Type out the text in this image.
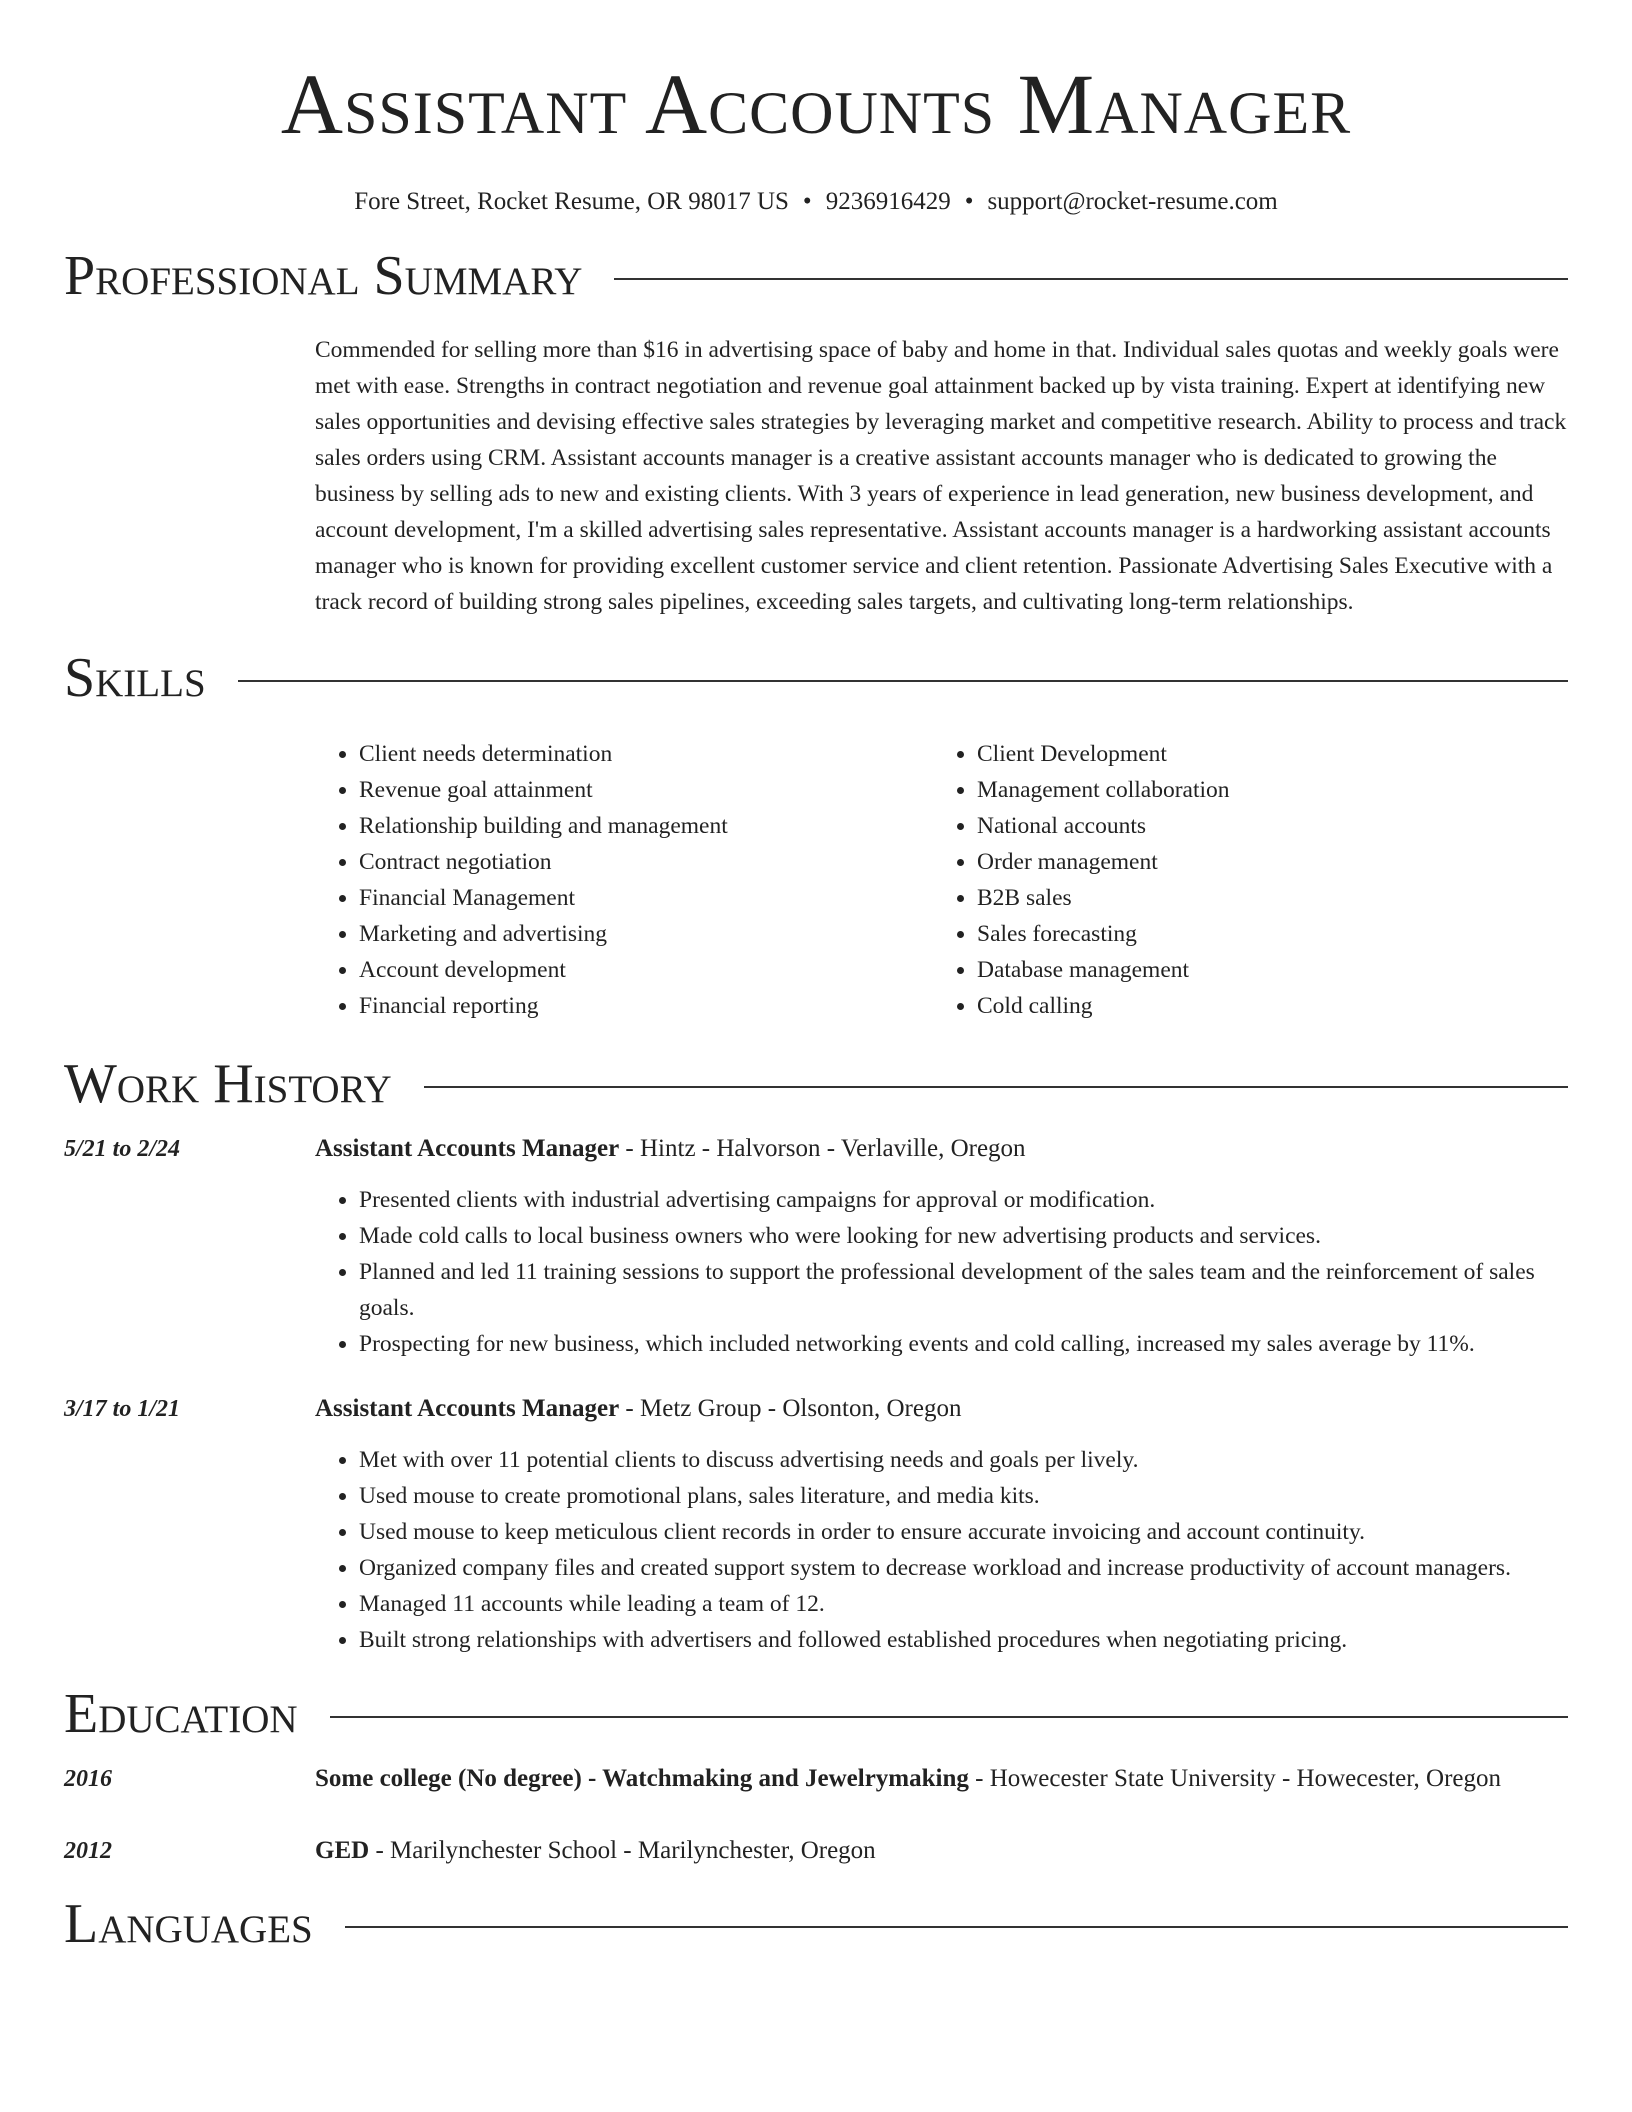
Assistant Accounts Manager
Fore Street, Rocket Resume, OR 98017 US • 9236916429 • support@rocket-resume.com
Professional Summary

Commended for selling more than $16 in advertising space of baby and home in that. Individual sales quotas and weekly goals were met with ease. Strengths in contract negotiation and revenue goal attainment backed up by vista training. Expert at identifying new sales opportunities and devising effective sales strategies by leveraging market and competitive research. Ability to process and track sales orders using CRM. Assistant accounts manager is a creative assistant accounts manager who is dedicated to growing the business by selling ads to new and existing clients. With 3 years of experience in lead generation, new business development, and account development, I'm a skilled advertising sales representative. Assistant accounts manager is a hardworking assistant accounts manager who is known for providing excellent customer service and client retention. Passionate Advertising Sales Executive with a track record of building strong sales pipelines, exceeding sales targets, and cultivating long-term relationships.

Skills
• Client needs determination
• Revenue goal attainment
• Relationship building and management
• Contract negotiation
• Financial Management
• Marketing and advertising
• Account development
• Financial reporting
• Client Development
• Management collaboration
• National accounts
• Order management
• B2B sales
• Sales forecasting
• Database management
• Cold calling
Work History
5/21 to 2/24	Assistant Accounts Manager - Hintz - Halvorson - Verlaville, Oregon
• Presented clients with industrial advertising campaigns for approval or modification.
• Made cold calls to local business owners who were looking for new advertising products and services.
• Planned and led 11 training sessions to support the professional development of the sales team and the reinforcement of sales goals.
• Prospecting for new business, which included networking events and cold calling, increased my sales average by 11%.
3/17 to 1/21	Assistant Accounts Manager - Metz Group - Olsonton, Oregon
• Met with over 11 potential clients to discuss advertising needs and goals per lively.
• Used mouse to create promotional plans, sales literature, and media kits.
• Used mouse to keep meticulous client records in order to ensure accurate invoicing and account continuity.
• Organized company files and created support system to decrease workload and increase productivity of account managers.
• Managed 11 accounts while leading a team of 12.
• Built strong relationships with advertisers and followed established procedures when negotiating pricing.
Education
2016	Some college (No degree) - Watchmaking and Jewelrymaking - Howecester State University - Howecester, Oregon
2012	GED - Marilynchester School - Marilynchester, Oregon
Languages
